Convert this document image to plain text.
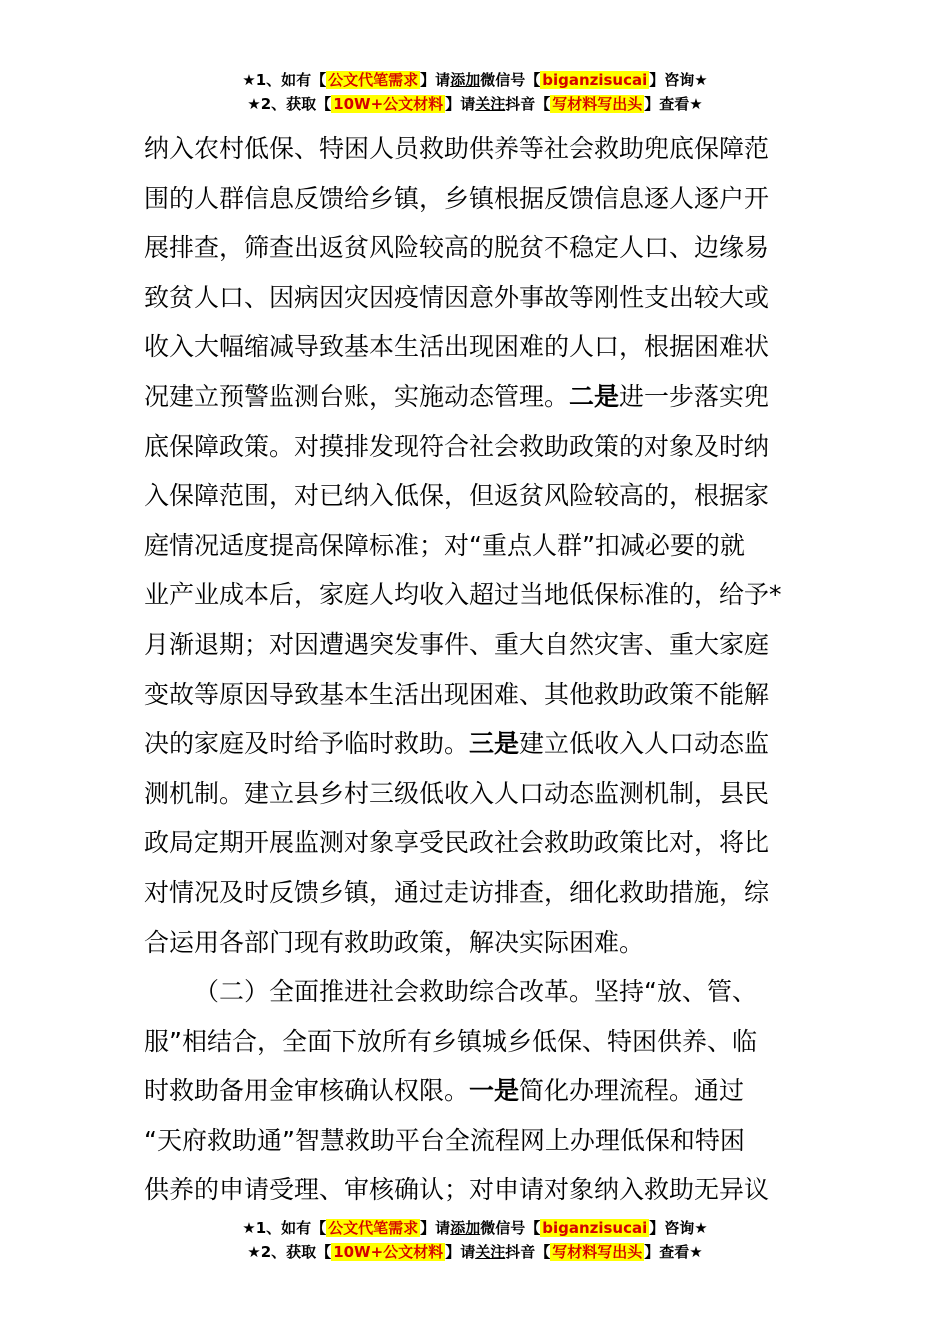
★1、如有【 公文代笔需求 】请添加微信号【 biganzisucai 】咨询★
★2、获取【 10W+公文材料 】请关注抖音【 写材料写出头 】查看★
纳入农村低保、特困人员救助供养等社会救助兜底保障范
围的人群信息反馈给乡镇，乡镇根据反馈信息逐人逐户开
展排查，筛查出返贫风险较高的脱贫不稳定人口、边缘易
致贫人口、因病因灾因疫情因意外事故等刚性支出较大或
收入大幅缩减导致基本生活出现困难的人口，根据困难状
况建立预警监测台账，实施动态管理。二是进一步落实兜
底保障政策。对摸排发现符合社会救助政策的对象及时纳
入保障范围，对已纳入低保，但返贫风险较高的，根据家
庭情况适度提高保障标准；对“重点人群”扣减必要的就
业产业成本后，家庭人均收入超过当地低保标准的，给予*
月渐退期；对因遭遇突发事件、重大自然灾害、重大家庭
变故等原因导致基本生活出现困难、其他救助政策不能解
决的家庭及时给予临时救助。三是建立低收入人口动态监
测机制。建立县乡村三级低收入人口动态监测机制，县民
政局定期开展监测对象享受民政社会救助政策比对，将比
对情况及时反馈乡镇，通过走访排查，细化救助措施，综
合运用各部门现有救助政策，解决实际困难。
（二）全面推进社会救助综合改革。坚持“放、管、
服”相结合，全面下放所有乡镇城乡低保、特困供养、临
时救助备用金审核确认权限。一是简化办理流程。通过
“天府救助通”智慧救助平台全流程网上办理低保和特困
供养的申请受理、审核确认；对申请对象纳入救助无异议
★1、如有【 公文代笔需求 】请添加微信号【 biganzisucai 】咨询★
★2、获取【 10W+公文材料 】请关注抖音【 写材料写出头 】查看★
